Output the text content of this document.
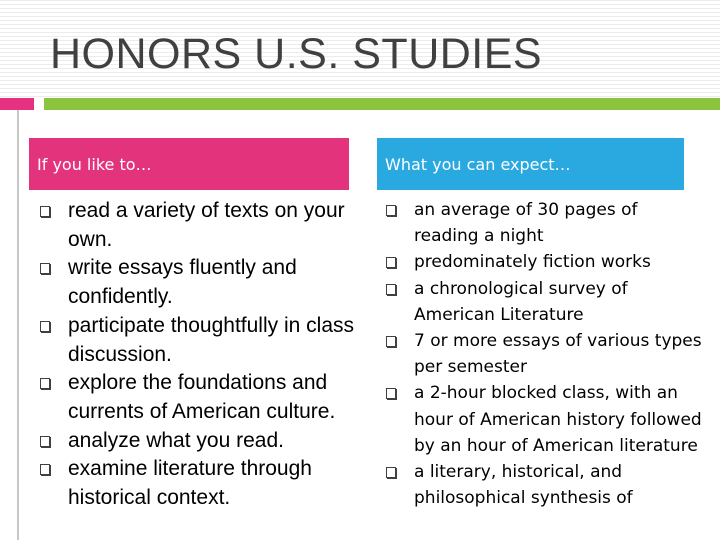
HONORS U.S. STUDIES
If you like to…	What you can expect…
read a variety of texts on your own.
write essays fluently and confidently.
participate thoughtfully in class discussion.
explore the foundations and currents of American culture.
analyze what you read.
examine literature through historical context.
an average of 30 pages of reading a night
predominately fiction works
a chronological survey of American Literature
7 or more essays of various types per semester
a 2-hour blocked class, with an hour of American history followed by an hour of American literature
a literary, historical, and philosophical synthesis of
